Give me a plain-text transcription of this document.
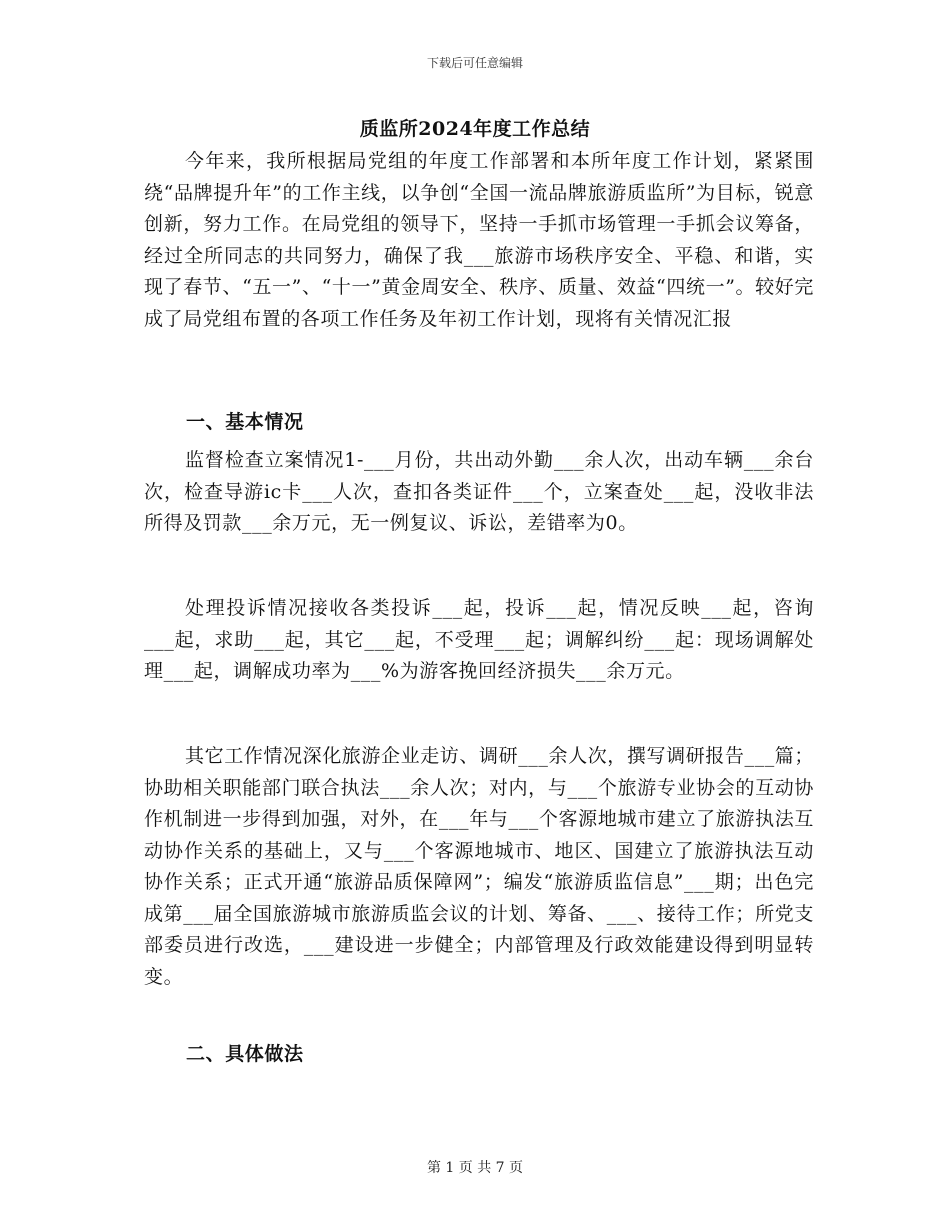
下载后可任意编辑
质监所2024年度工作总结

今年来，我所根据局党组的年度工作部署和本所年度工作计划，紧紧围绕“品牌提升年”的工作主线，以争创“全国一流品牌旅游质监所”为目标，锐意创新，努力工作。在局党组的领导下，坚持一手抓市场管理一手抓会议筹备，经过全所同志的共同努力，确保了我___旅游市场秩序安全、平稳、和谐，实现了春节、“五一”、“十一”黄金周安全、秩序、质量、效益“四统一”。较好完成了局党组布置的各项工作任务及年初工作计划，现将有关情况汇报

一、基本情况

监督检查立案情况1-___月份，共出动外勤___余人次，出动车辆___余台次，检查导游ic卡___人次，查扣各类证件___个，立案查处___起，没收非法所得及罚款___余万元，无一例复议、诉讼，差错率为0。

处理投诉情况接收各类投诉___起，投诉___起，情况反映___起，咨询___起，求助___起，其它___起，不受理___起；调解纠纷___起：现场调解处理___起，调解成功率为___%为游客挽回经济损失___余万元。

其它工作情况深化旅游企业走访、调研___余人次，撰写调研报告___篇；协助相关职能部门联合执法___余人次；对内，与___个旅游专业协会的互动协作机制进一步得到加强，对外，在___年与___个客源地城市建立了旅游执法互动协作关系的基础上，又与___个客源地城市、地区、国建立了旅游执法互动协作关系；正式开通“旅游品质保障网”；编发“旅游质监信息”___期；出色完成第___届全国旅游城市旅游质监会议的计划、筹备、___、接待工作；所党支部委员进行改选，___建设进一步健全；内部管理及行政效能建设得到明显转变。

二、具体做法
第 1 页 共 7 页
